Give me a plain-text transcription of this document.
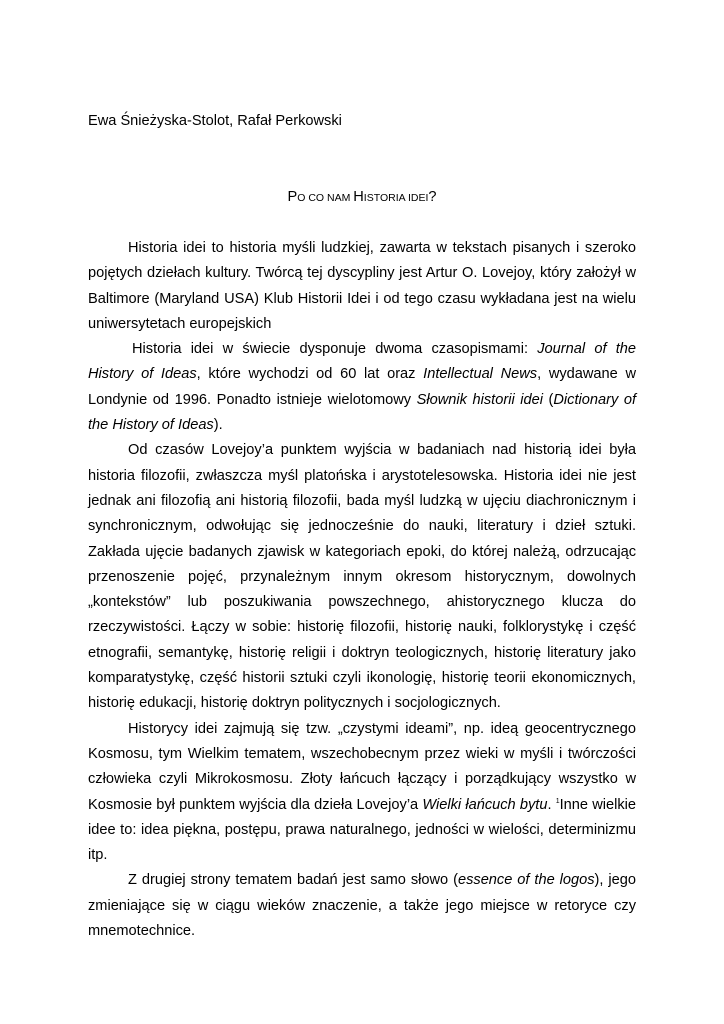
Ewa Śnieżyska-Stolot, Rafał Perkowski
PO CO NAM HISTORIA IDEI?

Historia idei to historia myśli ludzkiej, zawarta w tekstach pisanych i szeroko pojętych dziełach kultury. Twórcą tej dyscypliny jest Artur O. Lovejoy, który założył w Baltimore (Maryland USA) Klub Historii Idei i od tego czasu wykładana jest na wielu uniwersytetach europejskich

Historia idei w świecie dysponuje dwoma czasopismami: Journal of the History of Ideas, które wychodzi od 60 lat oraz Intellectual News, wydawane w Londynie od 1996. Ponadto istnieje wielotomowy Słownik historii idei (Dictionary of the History of Ideas).

Od czasów Lovejoy’a punktem wyjścia w badaniach nad historią idei była historia filozofii, zwłaszcza myśl platońska i arystotelesowska. Historia idei nie jest jednak ani filozofią ani historią filozofii, bada myśl ludzką w ujęciu diachronicznym i synchronicznym, odwołując się jednocześnie do nauki, literatury i dzieł sztuki. Zakłada ujęcie badanych zjawisk w kategoriach epoki, do której należą, odrzucając przenoszenie pojęć, przynależnym innym okresom historycznym, dowolnych „kontekstów” lub poszukiwania powszechnego, ahistorycznego klucza do rzeczywistości. Łączy w sobie: historię filozofii, historię nauki, folklorystykę i część etnografii, semantykę, historię religii i doktryn teologicznych, historię literatury jako komparatystykę, część historii sztuki czyli ikonologię, historię teorii ekonomicznych, historię edukacji, historię doktryn politycznych i socjologicznych.

Historycy idei zajmują się tzw. „czystymi ideami”, np. ideą geocentrycznego Kosmosu, tym Wielkim tematem, wszechobecnym przez wieki w myśli i twórczości człowieka czyli Mikrokosmosu. Złoty łańcuch łączący i porządkujący wszystko w Kosmosie był punktem wyjścia dla dzieła Lovejoy’a Wielki łańcuch bytu. $^1$Inne wielkie idee to: idea piękna, postępu, prawa naturalnego, jedności w wielości, determinizmu itp.

Z drugiej strony tematem badań jest samo słowo (essence of the logos), jego zmieniające się w ciągu wieków znaczenie, a także jego miejsce w retoryce czy mnemotechnice.
